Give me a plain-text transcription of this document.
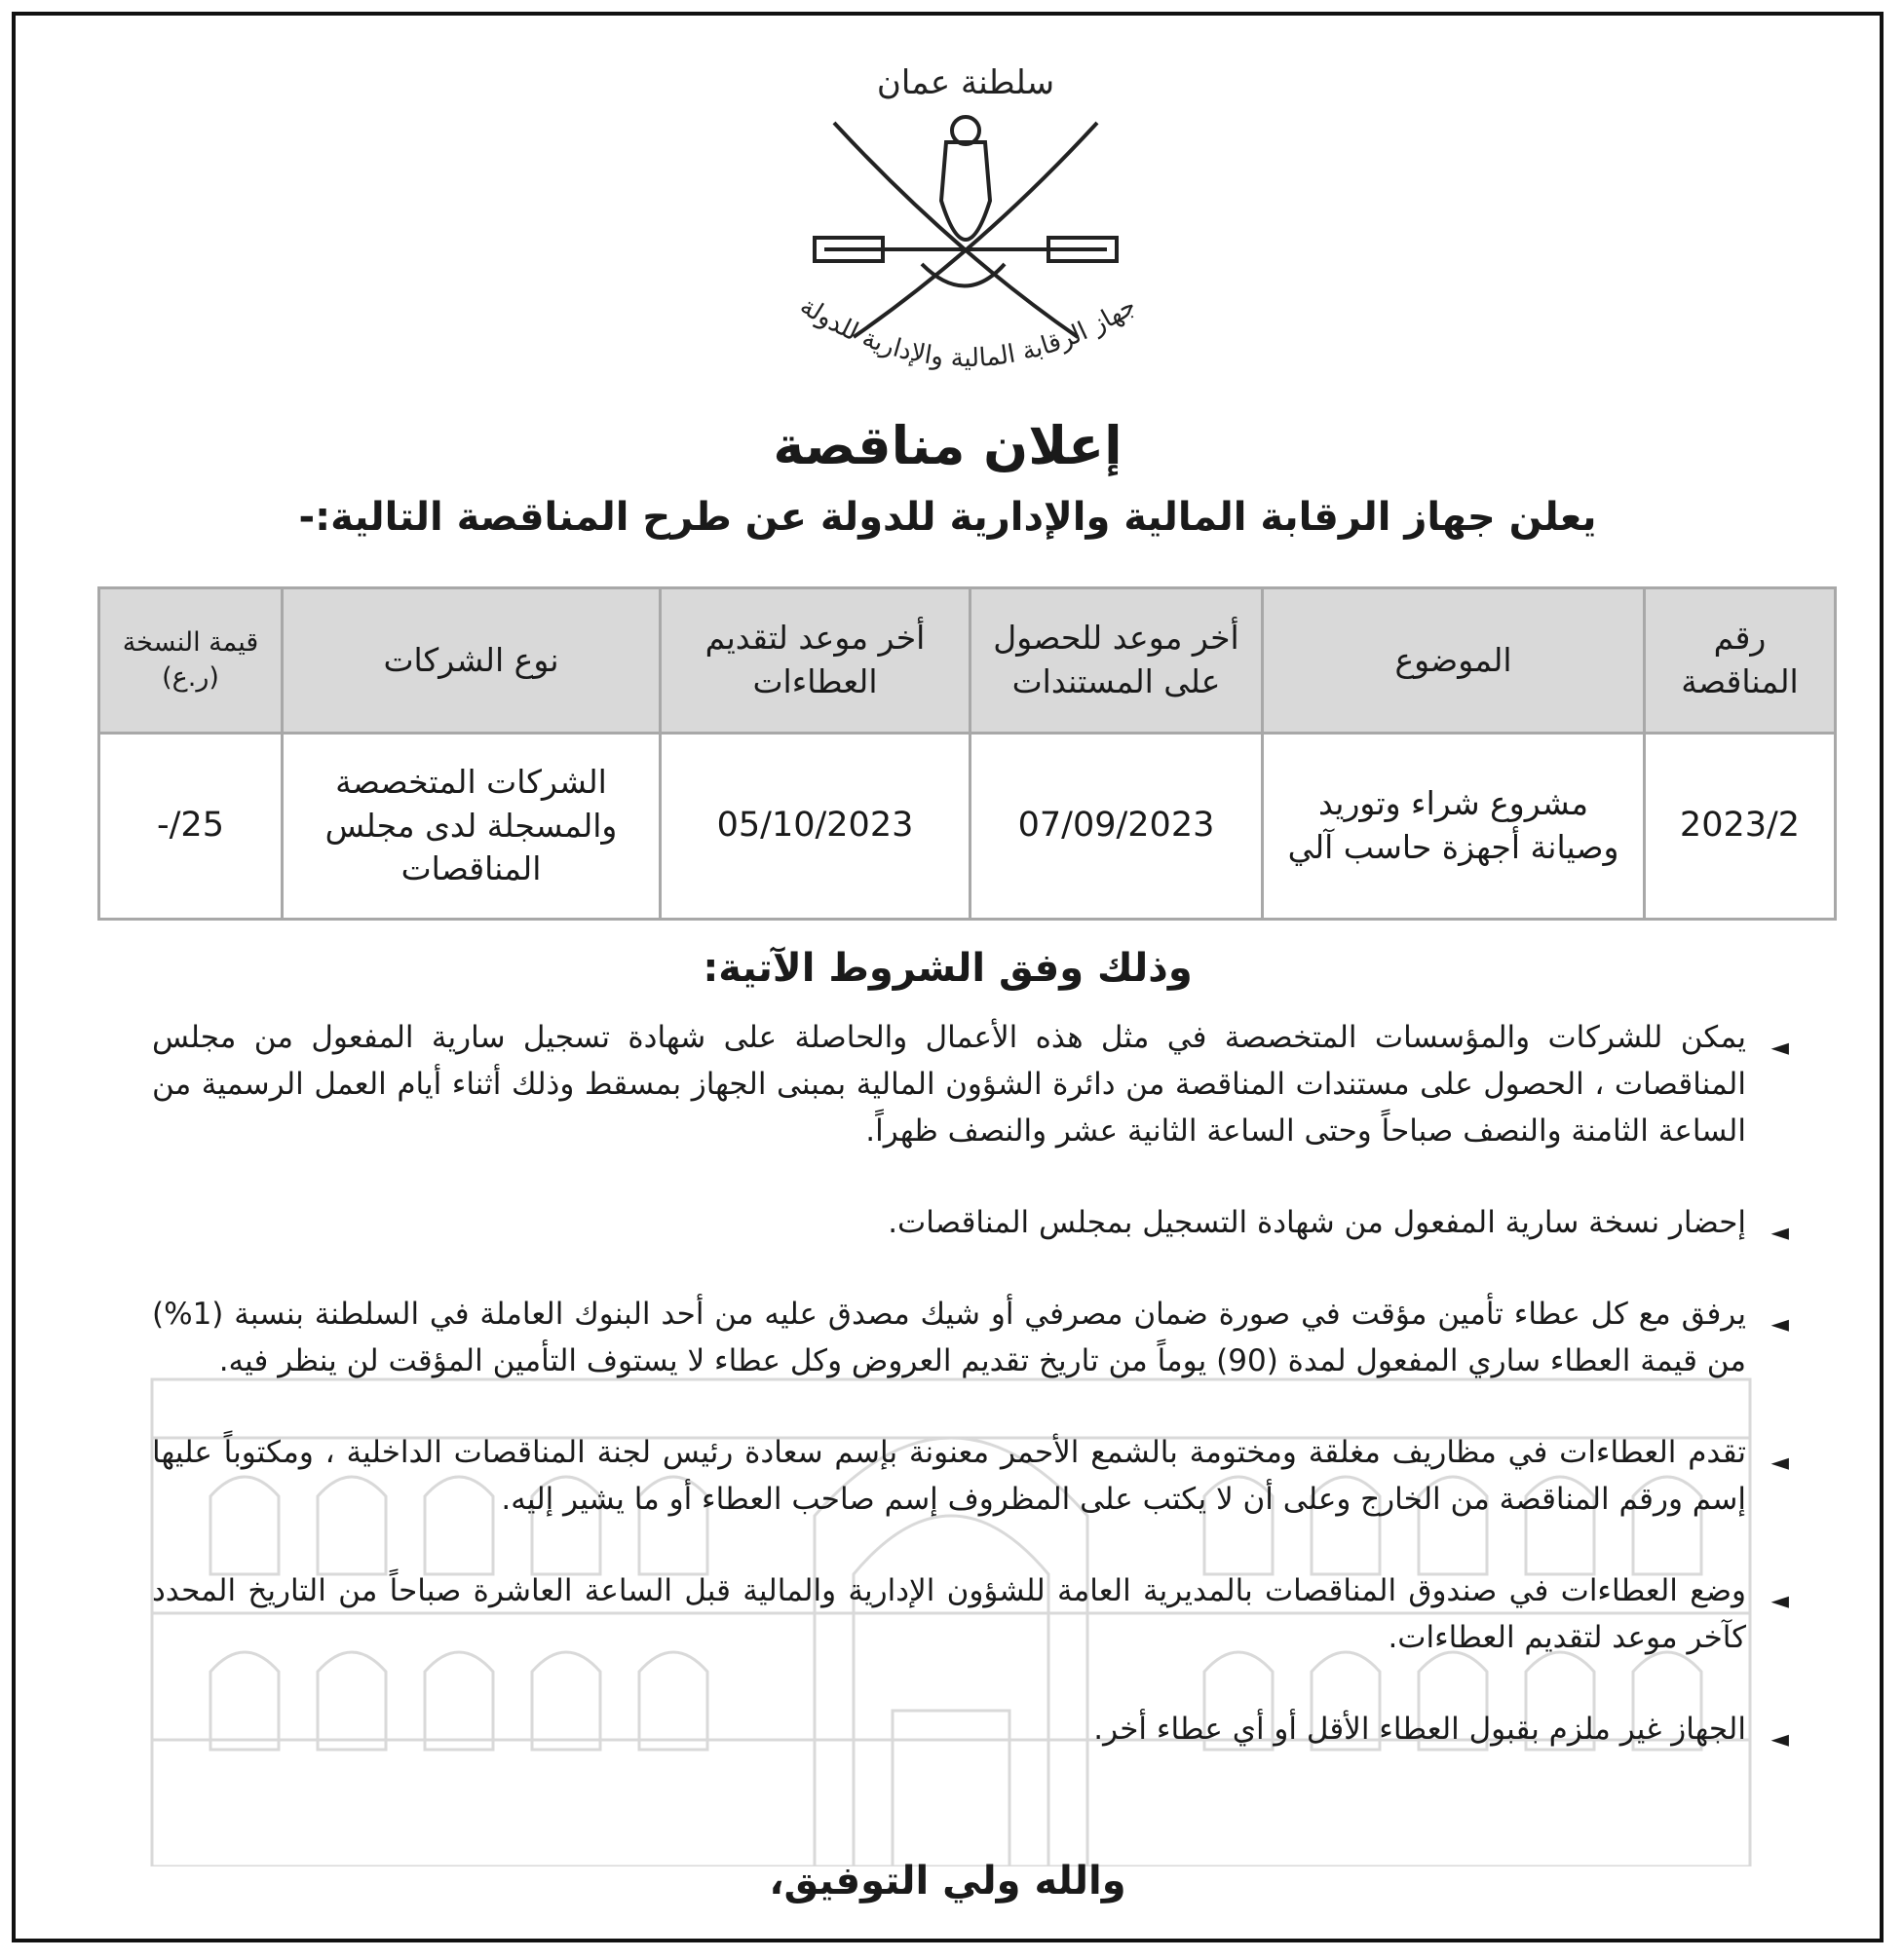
سلطنة عمان
جهاز الرقابة المالية والإدارية للدولة
إعلان مناقصة
يعلن جهاز الرقابة المالية والإدارية للدولة عن طرح المناقصة التالية:-
رقم المناقصة	الموضوع	أخر موعد للحصول على المستندات	أخر موعد لتقديم العطاءات	نوع الشركات	قيمة النسخة (ر.ع)
2023/2	مشروع شراء وتوريد وصيانة أجهزة حاسب آلي	07/09/2023	05/10/2023	الشركات المتخصصة والمسجلة لدى مجلس المناقصات	-/25
وذلك وفق الشروط الآتية:
◄
يمكن للشركات والمؤسسات المتخصصة في مثل هذه الأعمال والحاصلة على شهادة تسجيل سارية المفعول من مجلس المناقصات ، الحصول على مستندات المناقصة من دائرة الشؤون المالية بمبنى الجهاز بمسقط وذلك أثناء أيام العمل الرسمية من الساعة الثامنة والنصف صباحاً وحتى الساعة الثانية عشر والنصف ظهراً.
◄
إحضار نسخة سارية المفعول من شهادة التسجيل بمجلس المناقصات.
◄
يرفق مع كل عطاء تأمين مؤقت في صورة ضمان مصرفي أو شيك مصدق عليه من أحد البنوك العاملة في السلطنة بنسبة (1%) من قيمة العطاء ساري المفعول لمدة (90) يوماً من تاريخ تقديم العروض وكل عطاء لا يستوف التأمين المؤقت لن ينظر فيه.
◄
تقدم العطاءات في مظاريف مغلقة ومختومة بالشمع الأحمر معنونة بإسم سعادة رئيس لجنة المناقصات الداخلية ، ومكتوباً عليها إسم ورقم المناقصة من الخارج وعلى أن لا يكتب على المظروف إسم صاحب العطاء أو ما يشير إليه.
◄
وضع العطاءات في صندوق المناقصات بالمديرية العامة للشؤون الإدارية والمالية قبل الساعة العاشرة صباحاً من التاريخ المحدد كآخر موعد لتقديم العطاءات.
◄
الجهاز غير ملزم بقبول العطاء الأقل أو أي عطاء أخر.
والله ولي التوفيق،
